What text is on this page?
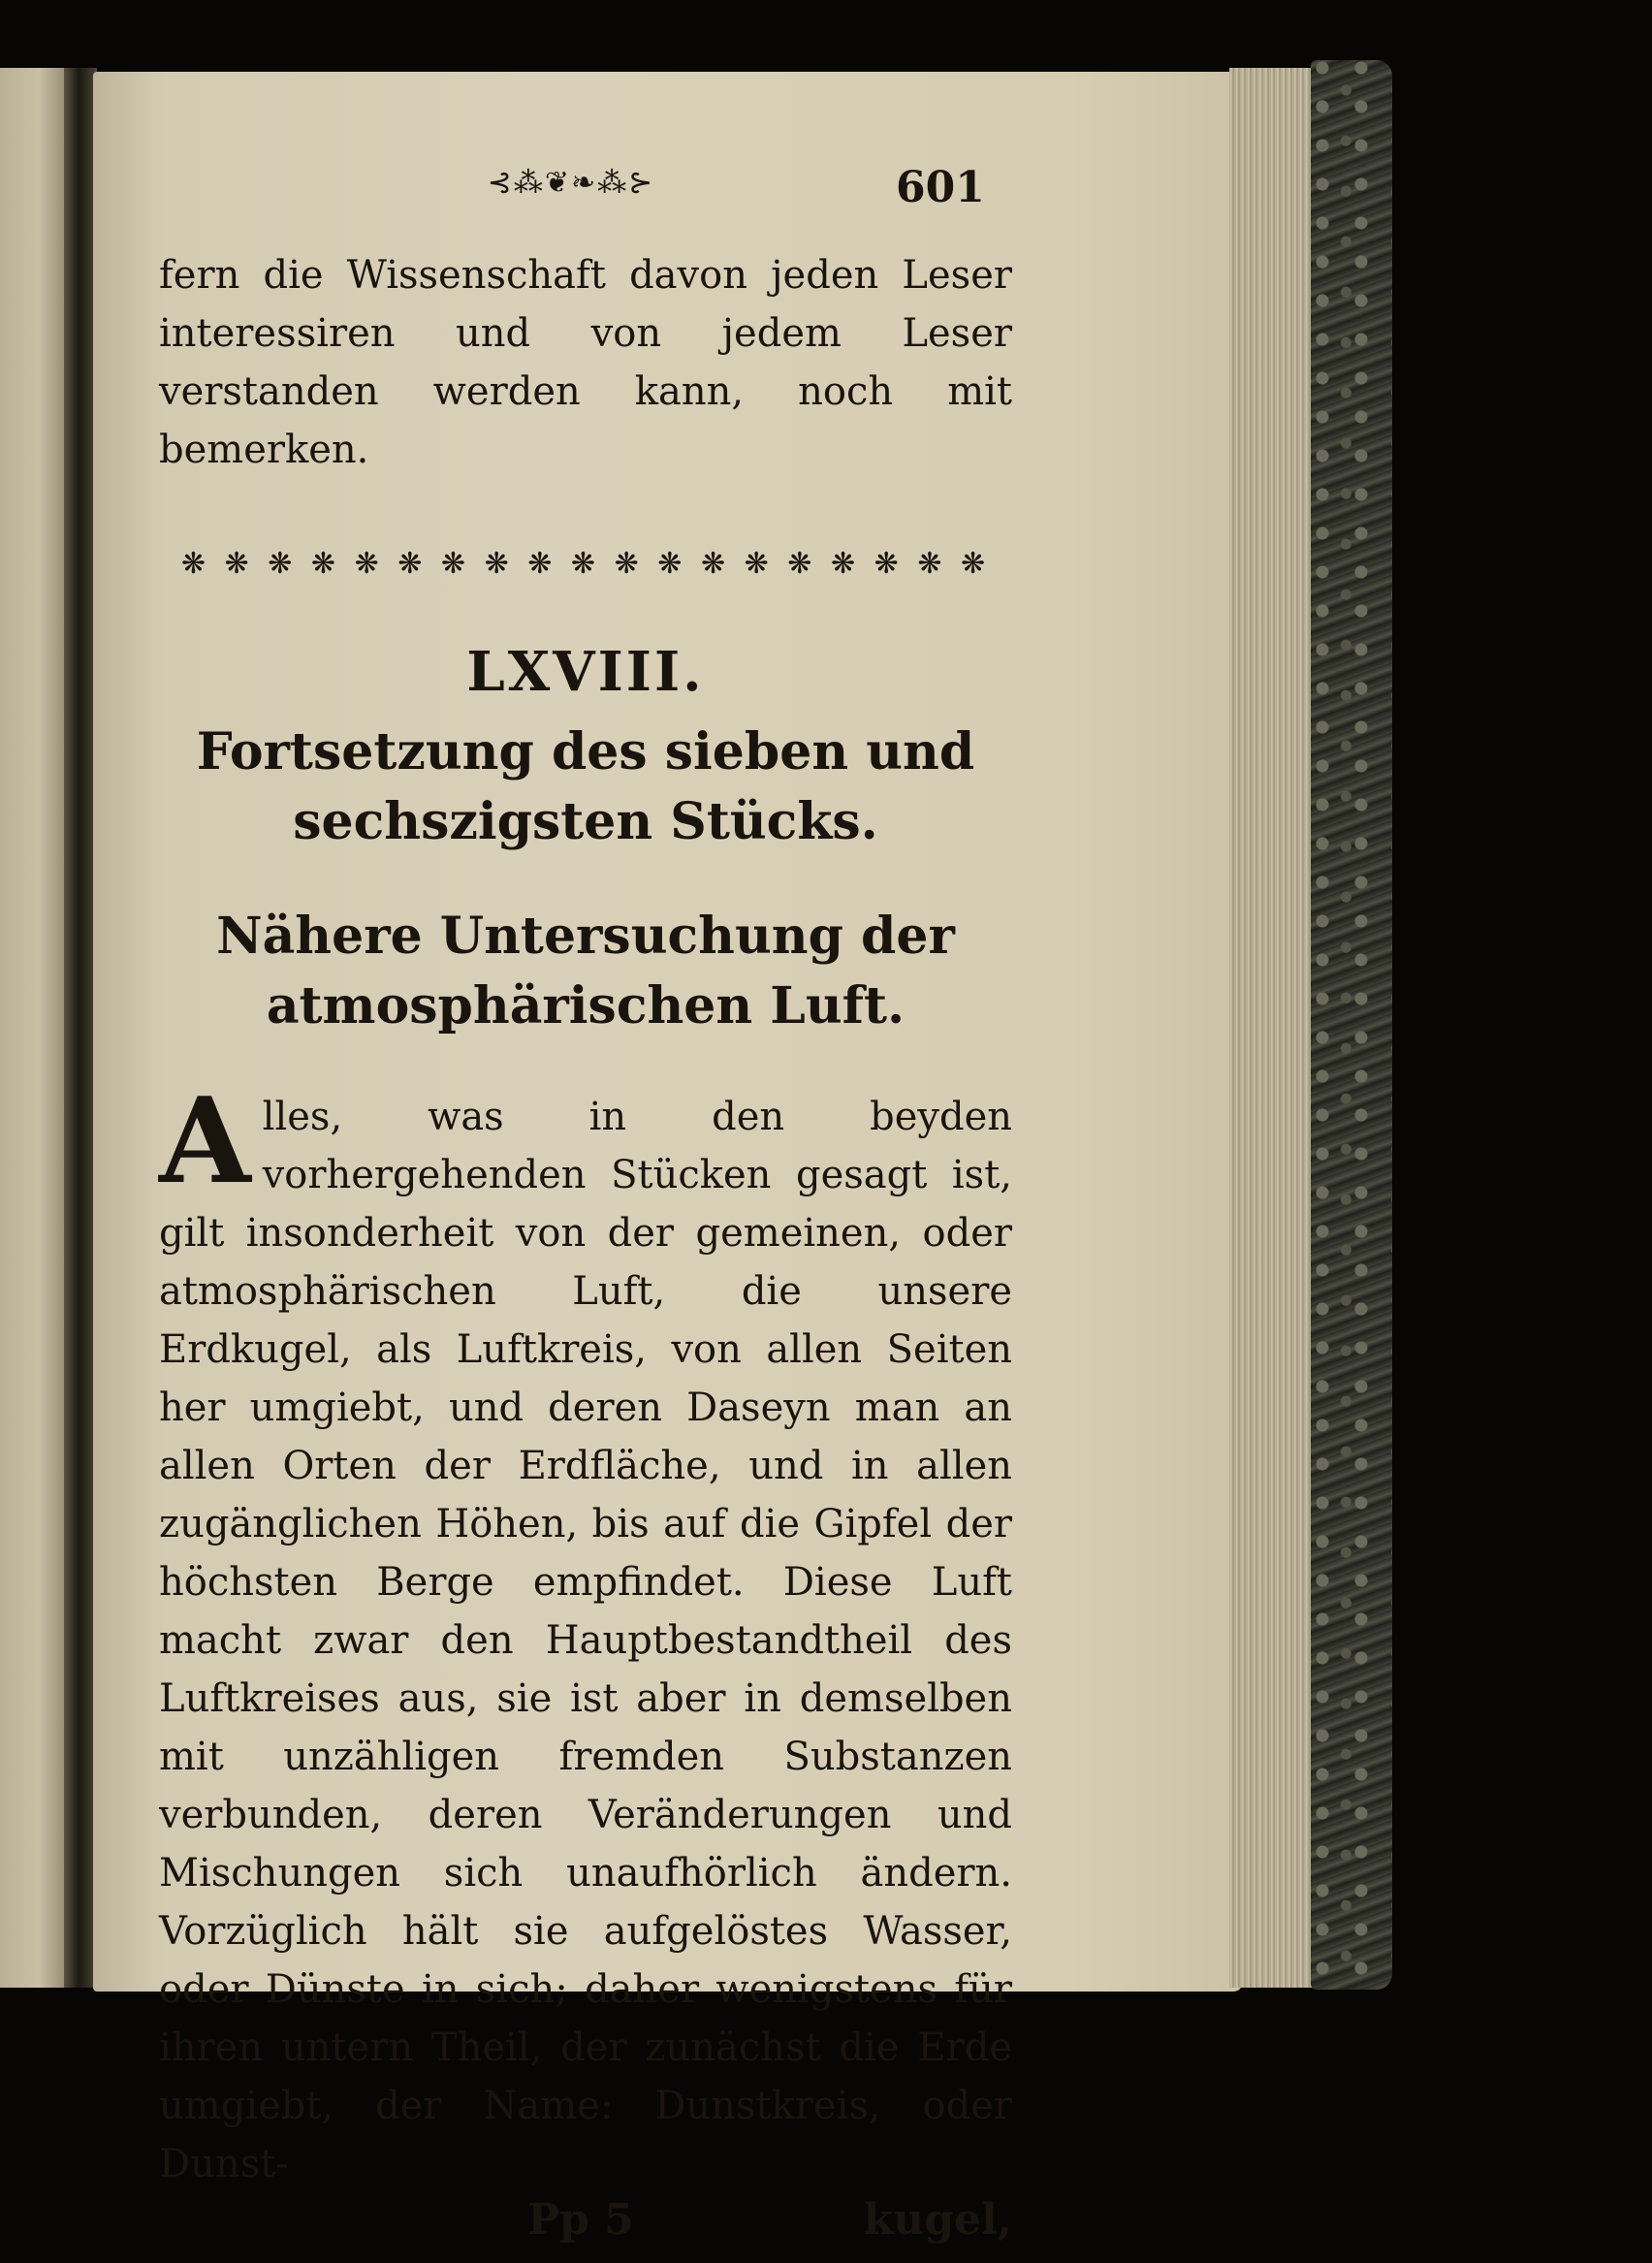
⊰⁂❦❧⁂⊱	601

fern die Wissenschaft davon jeden Leser interessiren und von jedem Leser verstanden werden kann, noch mit bemerken.

❋ ❋ ❋ ❋ ❋ ❋ ❋ ❋ ❋ ❋ ❋ ❋ ❋ ❋ ❋ ❋ ❋ ❋ ❋
LXVIII.
Fortsetzung des sieben und sechszigsten Stücks.
Nähere Untersuchung der atmosphärischen Luft.

Alles, was in den beyden vorhergehenden Stücken gesagt ist, gilt insonderheit von der gemeinen, oder atmosphärischen Luft, die unsere Erdkugel, als Luftkreis, von allen Seiten her umgiebt, und deren Daseyn man an allen Orten der Erdfläche, und in allen zugänglichen Höhen, bis auf die Gipfel der höchsten Berge empfindet. Diese Luft macht zwar den Hauptbestandtheil des Luftkreises aus, sie ist aber in demselben mit unzähligen fremden Substanzen verbunden, deren Veränderungen und Mischungen sich unaufhörlich ändern. Vorzüglich hält sie aufgelöstes Wasser, oder Dünste in sich; daher wenigstens für ihren untern Theil, der zunächst die Erde umgiebt, der Name: Dunstkreis, oder Dunst-

Pp 5	kugel,
